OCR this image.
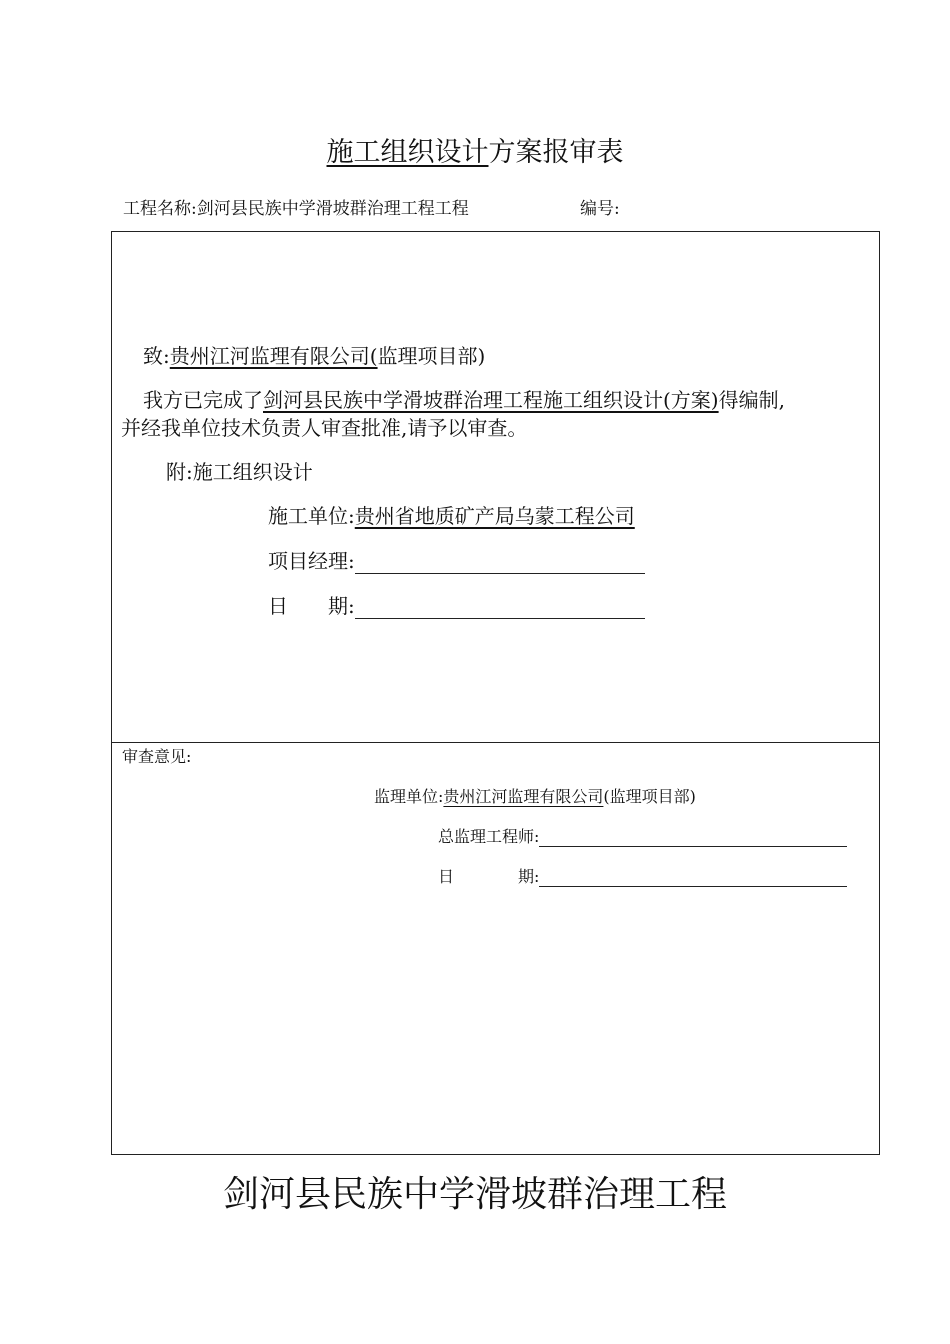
施工组织设计方案报审表
工程名称:剑河县民族中学滑坡群治理工程工程	编号:
致:贵州江河监理有限公司(监理项目部)
我方已完成了剑河县民族中学滑坡群治理工程施工组织设计(方案)得编制,
并经我单位技术负责人审查批准,请予以审查。
附:施工组织设计
施工单位:贵州省地质矿产局乌蒙工程公司
项目经理:
日　　期:
审查意见:
监理单位:贵州江河监理有限公司(监理项目部)
总监理工程师:
日　　　　期:
剑河县民族中学滑坡群治理工程
